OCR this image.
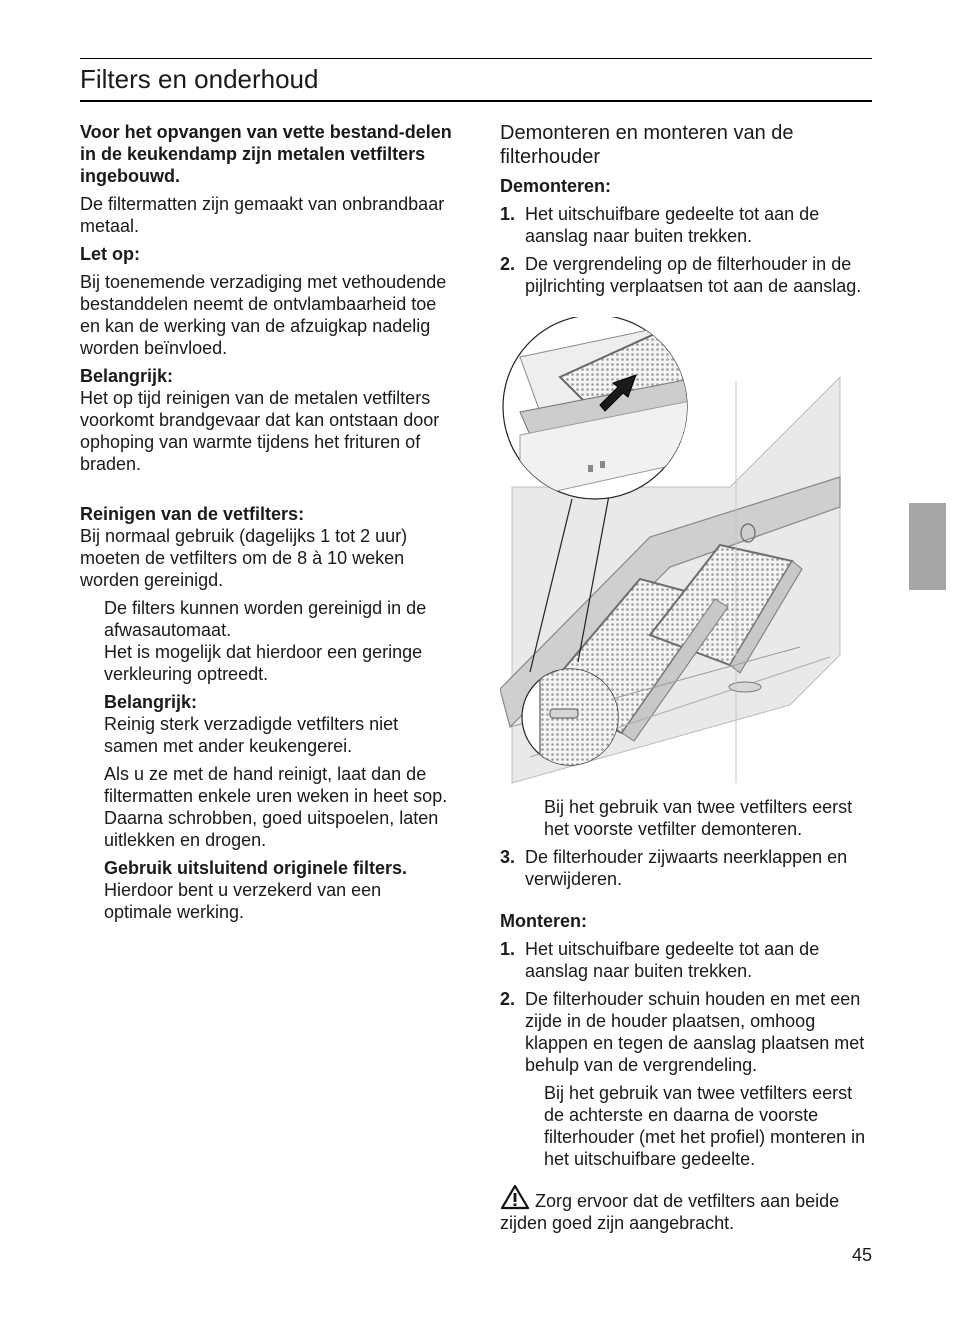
Filters en onderhoud

Voor het opvangen van vette bestand-delen in de keukendamp zijn metalen vetfilters ingebouwd.

De filtermatten zijn gemaakt van onbrandbaar metaal.

Let op:

Bij toenemende verzadiging met vethoudende bestanddelen neemt de ontvlambaarheid toe en kan de werking van de afzuigkap nadelig worden beïnvloed.

Belangrijk:

Het op tijd reinigen van de metalen vetfilters voorkomt brandgevaar dat kan ontstaan door ophoping van warmte tijdens het frituren of braden.

Reinigen van de vetfilters:

Bij normaal gebruik (dagelijks 1 tot 2 uur) moeten de vetfilters om de 8 à 10 weken worden gereinigd.

De filters kunnen worden gereinigd in de afwasautomaat.

Het is mogelijk dat hierdoor een geringe verkleuring optreedt.

Belangrijk:

Reinig sterk verzadigde vetfilters niet samen met ander keukengerei.

Als u ze met de hand reinigt, laat dan de filtermatten enkele uren weken in heet sop.

Daarna schrobben, goed uitspoelen, laten uitlekken en drogen.

Gebruik uitsluitend originele filters.

Hierdoor bent u verzekerd van een optimale werking.

Demonteren en monteren van de filterhouder

Demonteren:

1. Het uitschuifbare gedeelte tot aan de aanslag naar buiten trekken.
2. De vergrendeling op de filterhouder in de pijlrichting verplaatsen tot aan de aanslag.

Bij het gebruik van twee vetfilters eerst het voorste vetfilter demonteren.

3. De filterhouder zijwaarts neerklappen en verwijderen.

Monteren:

1. Het uitschuifbare gedeelte tot aan de aanslag naar buiten trekken.
2. De filterhouder schuin houden en met een zijde in de houder plaatsen, omhoog klappen en tegen de aanslag plaatsen met behulp van de vergrendeling.

Bij het gebruik van twee vetfilters eerst de achterste en daarna de voorste filterhouder (met het profiel) monteren in het uitschuifbare gedeelte.

Zorg ervoor dat de vetfilters aan beide zijden goed zijn aangebracht.

45
